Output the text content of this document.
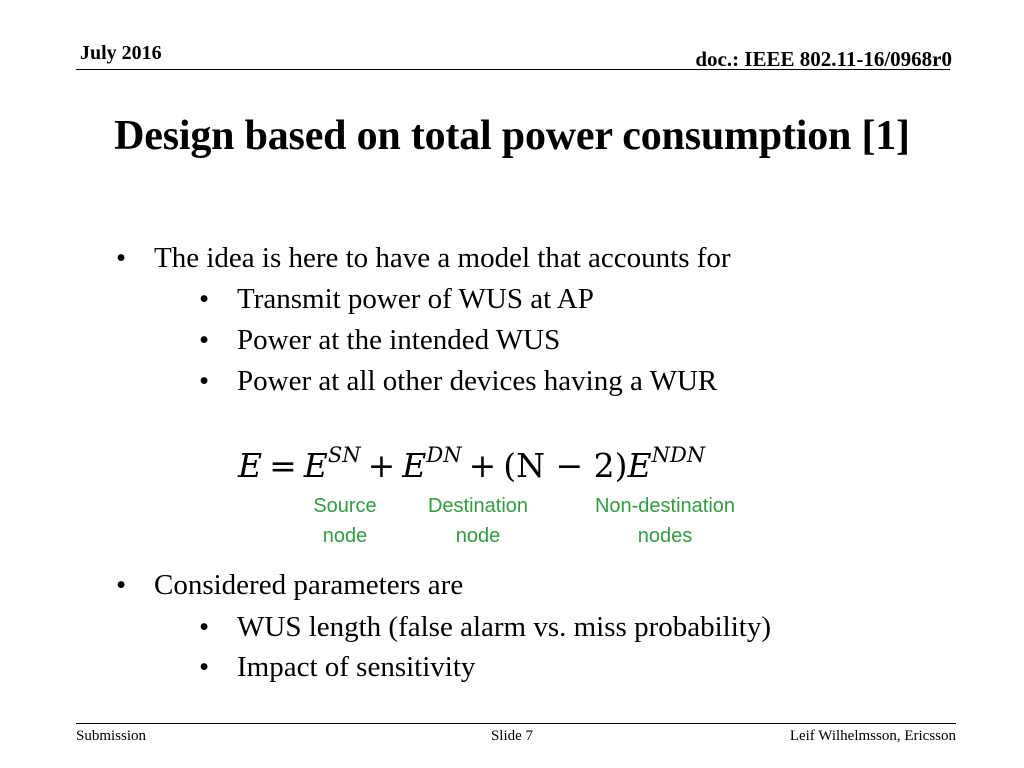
July 2016	doc.: IEEE 802.11-16/0968r0
Design based on total power consumption [1]
• The idea is here to have a model that accounts for
• Transmit power of WUS at AP
• Power at the intended WUS
• Power at all other devices having a WUR
$E = E^{SN} + E^{DN} + (N - 2)E^{NDN}$
Source
node
Destination
node
Non-destination
nodes
• Considered parameters are
• WUS length (false alarm vs. miss probability)
• Impact of sensitivity
Submission	Slide 7	Leif Wilhelmsson, Ericsson
